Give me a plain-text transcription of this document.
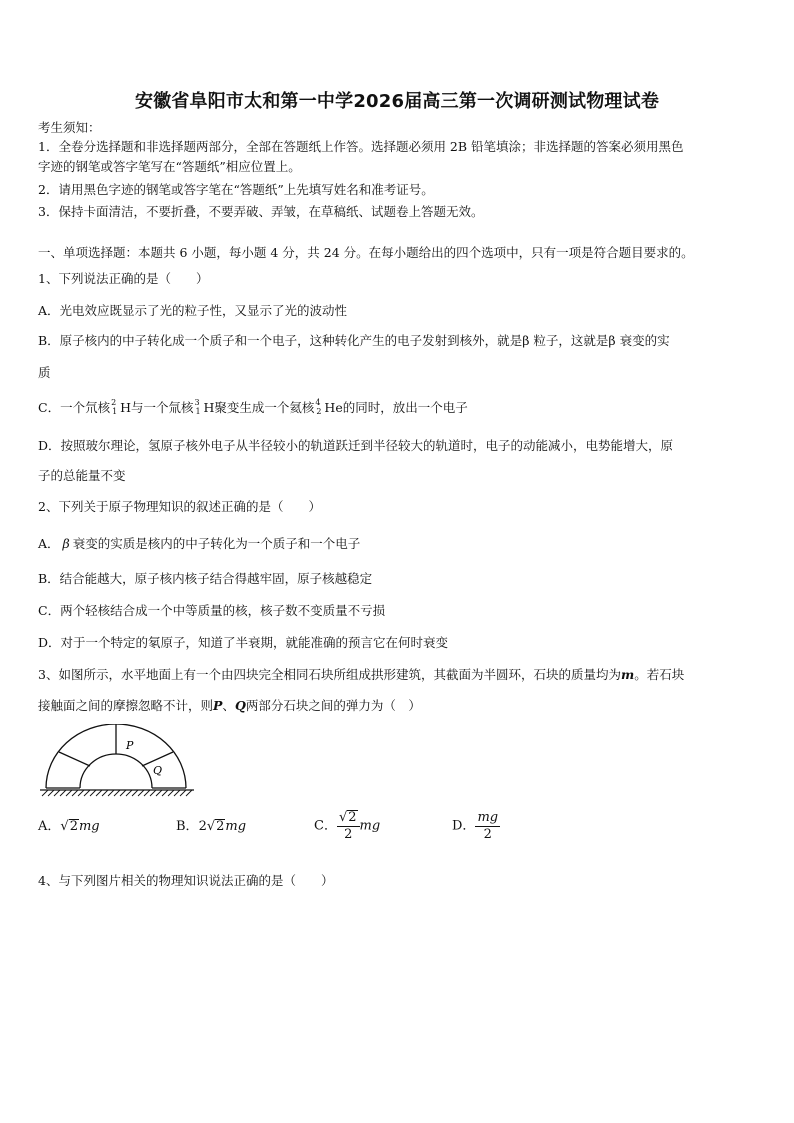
安徽省阜阳市太和第一中学2026届高三第一次调研测试物理试卷
考生须知：
1．全卷分选择题和非选择题两部分，全部在答题纸上作答。选择题必须用 2B 铅笔填涂；非选择题的答案必须用黑色
字迹的钢笔或答字笔写在“答题纸”相应位置上。
2．请用黑色字迹的钢笔或答字笔在“答题纸”上先填写姓名和准考证号。
3．保持卡面清洁，不要折叠，不要弄破、弄皱，在草稿纸、试题卷上答题无效。
一、单项选择题：本题共 6 小题，每小题 4 分，共 24 分。在每小题给出的四个选项中，只有一项是符合题目要求的。
1、下列说法正确的是（　　）
A．光电效应既显示了光的粒子性，又显示了光的波动性
B．原子核内的中子转化成一个质子和一个电子，这种转化产生的电子发射到核外，就是β 粒子，这就是β 衰变的实
质
C．一个氘核 2
1 H与一个氚核 3
1 H聚变生成一个氦核 4
2 He的同时，放出一个电子
D．按照玻尔理论，氢原子核外电子从半径较小的轨道跃迁到半径较大的轨道时，电子的动能减小，电势能增大，原
子的总能量不变
2、下列关于原子物理知识的叙述正确的是（　　）
A． β 衰变的实质是核内的中子转化为一个质子和一个电子
B．结合能越大，原子核内核子结合得越牢固，原子核越稳定
C．两个轻核结合成一个中等质量的核，核子数不变质量不亏损
D．对于一个特定的氡原子，知道了半衰期，就能准确的预言它在何时衰变
3、如图所示，水平地面上有一个由四块完全相同石块所组成拱形建筑，其截面为半圆环，石块的质量均为m。若石块
接触面之间的摩擦忽略不计，则P、Q两部分石块之间的弹力为（　）
P
Q
A．√2mg	B．2√2mg	C． $\frac{√2}{2}$ mg	D． $\frac{mg}{2}$
4、与下列图片相关的物理知识说法正确的是（　　）
